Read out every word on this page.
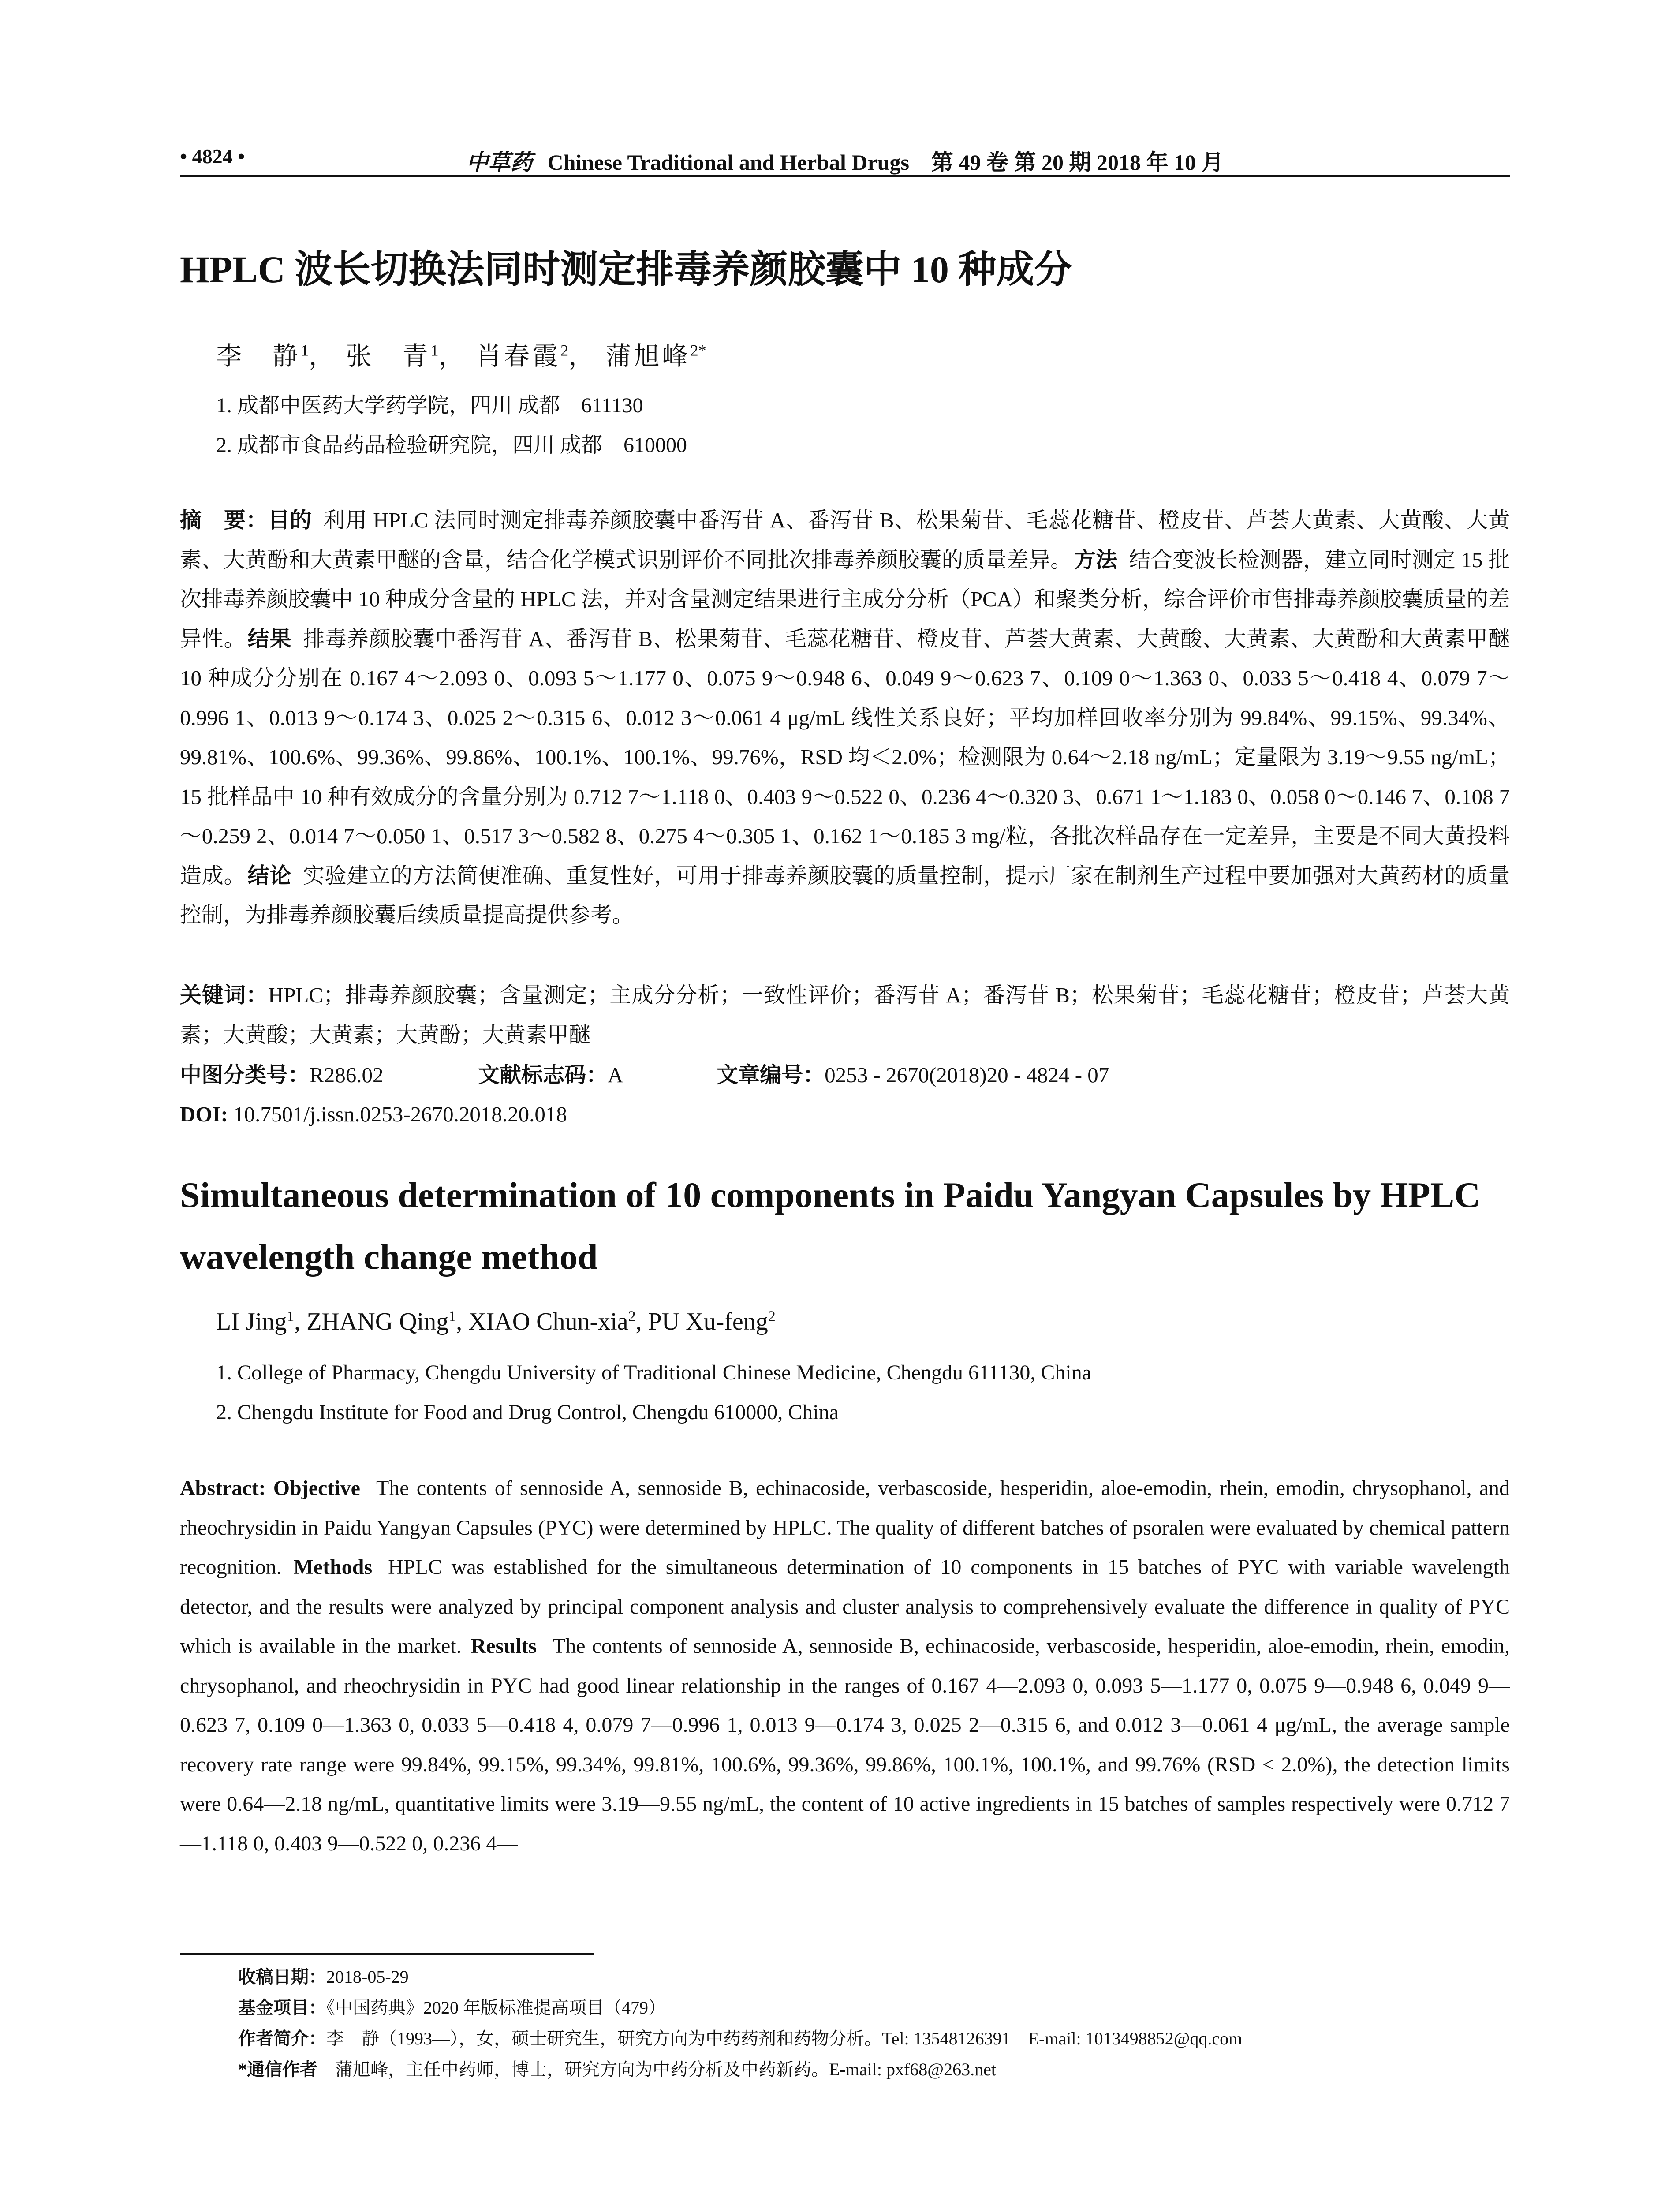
• 4824 •	中草药 Chinese Traditional and Herbal Drugs　第 49 卷 第 20 期 2018 年 10 月
HPLC 波长切换法同时测定排毒养颜胶囊中 10 种成分
李　静$^1$， 张　青$^1$， 肖春霞$^2$， 蒲旭峰$^{2*}$
1. 成都中医药大学药学院，四川 成都　611130
2. 成都市食品药品检验研究院，四川 成都　610000
摘　要：目的 利用 HPLC 法同时测定排毒养颜胶囊中番泻苷 A、番泻苷 B、松果菊苷、毛蕊花糖苷、橙皮苷、芦荟大黄素、大黄酸、大黄素、大黄酚和大黄素甲醚的含量，结合化学模式识别评价不同批次排毒养颜胶囊的质量差异。方法 结合变波长检测器，建立同时测定 15 批次排毒养颜胶囊中 10 种成分含量的 HPLC 法，并对含量测定结果进行主成分分析（PCA）和聚类分析，综合评价市售排毒养颜胶囊质量的差异性。结果 排毒养颜胶囊中番泻苷 A、番泻苷 B、松果菊苷、毛蕊花糖苷、橙皮苷、芦荟大黄素、大黄酸、大黄素、大黄酚和大黄素甲醚 10 种成分分别在 0.167 4～2.093 0、0.093 5～1.177 0、0.075 9～0.948 6、0.049 9～0.623 7、0.109 0～1.363 0、0.033 5～0.418 4、0.079 7～0.996 1、0.013 9～0.174 3、0.025 2～0.315 6、0.012 3～0.061 4 μg/mL 线性关系良好；平均加样回收率分别为 99.84%、99.15%、99.34%、99.81%、100.6%、99.36%、99.86%、100.1%、100.1%、99.76%，RSD 均＜2.0%；检测限为 0.64～2.18 ng/mL；定量限为 3.19～9.55 ng/mL；15 批样品中 10 种有效成分的含量分别为 0.712 7～1.118 0、0.403 9～0.522 0、0.236 4～0.320 3、0.671 1～1.183 0、0.058 0～0.146 7、0.108 7～0.259 2、0.014 7～0.050 1、0.517 3～0.582 8、0.275 4～0.305 1、0.162 1～0.185 3 mg/粒，各批次样品存在一定差异，主要是不同大黄投料造成。结论 实验建立的方法简便准确、重复性好，可用于排毒养颜胶囊的质量控制，提示厂家在制剂生产过程中要加强对大黄药材的质量控制，为排毒养颜胶囊后续质量提高提供参考。
关键词：HPLC；排毒养颜胶囊；含量测定；主成分分析；一致性评价；番泻苷 A；番泻苷 B；松果菊苷；毛蕊花糖苷；橙皮苷；芦荟大黄素；大黄酸；大黄素；大黄酚；大黄素甲醚
中图分类号：R286.02	文献标志码：A	文章编号：0253 - 2670(2018)20 - 4824 - 07
DOI: 10.7501/j.issn.0253-2670.2018.20.018
Simultaneous determination of 10 components in Paidu Yangyan Capsules by HPLC wavelength change method
LI Jing$^1$, ZHANG Qing$^1$, XIAO Chun-xia$^2$, PU Xu-feng$^2$
1. College of Pharmacy, Chengdu University of Traditional Chinese Medicine, Chengdu 611130, China
2. Chengdu Institute for Food and Drug Control, Chengdu 610000, China
Abstract: Objective The contents of sennoside A, sennoside B, echinacoside, verbascoside, hesperidin, aloe-emodin, rhein, emodin, chrysophanol, and rheochrysidin in Paidu Yangyan Capsules (PYC) were determined by HPLC. The quality of different batches of psoralen were evaluated by chemical pattern recognition. Methods HPLC was established for the simultaneous determination of 10 components in 15 batches of PYC with variable wavelength detector, and the results were analyzed by principal component analysis and cluster analysis to comprehensively evaluate the difference in quality of PYC which is available in the market. Results The contents of sennoside A, sennoside B, echinacoside, verbascoside, hesperidin, aloe-emodin, rhein, emodin, chrysophanol, and rheochrysidin in PYC had good linear relationship in the ranges of 0.167 4—2.093 0, 0.093 5—1.177 0, 0.075 9—0.948 6, 0.049 9—0.623 7, 0.109 0—1.363 0, 0.033 5—0.418 4, 0.079 7—0.996 1, 0.013 9—0.174 3, 0.025 2—0.315 6, and 0.012 3—0.061 4 μg/mL, the average sample recovery rate range were 99.84%, 99.15%, 99.34%, 99.81%, 100.6%, 99.36%, 99.86%, 100.1%, 100.1%, and 99.76% (RSD < 2.0%), the detection limits were 0.64—2.18 ng/mL, quantitative limits were 3.19—9.55 ng/mL, the content of 10 active ingredients in 15 batches of samples respectively were 0.712 7—1.118 0, 0.403 9—0.522 0, 0.236 4—
收稿日期：2018-05-29
基金项目：《中国药典》2020 年版标准提高项目（479）
作者简介：李　静（1993—），女，硕士研究生，研究方向为中药药剂和药物分析。Tel: 13548126391　E-mail: 1013498852@qq.com
*通信作者 蒲旭峰，主任中药师，博士，研究方向为中药分析及中药新药。E-mail: pxf68@263.net
